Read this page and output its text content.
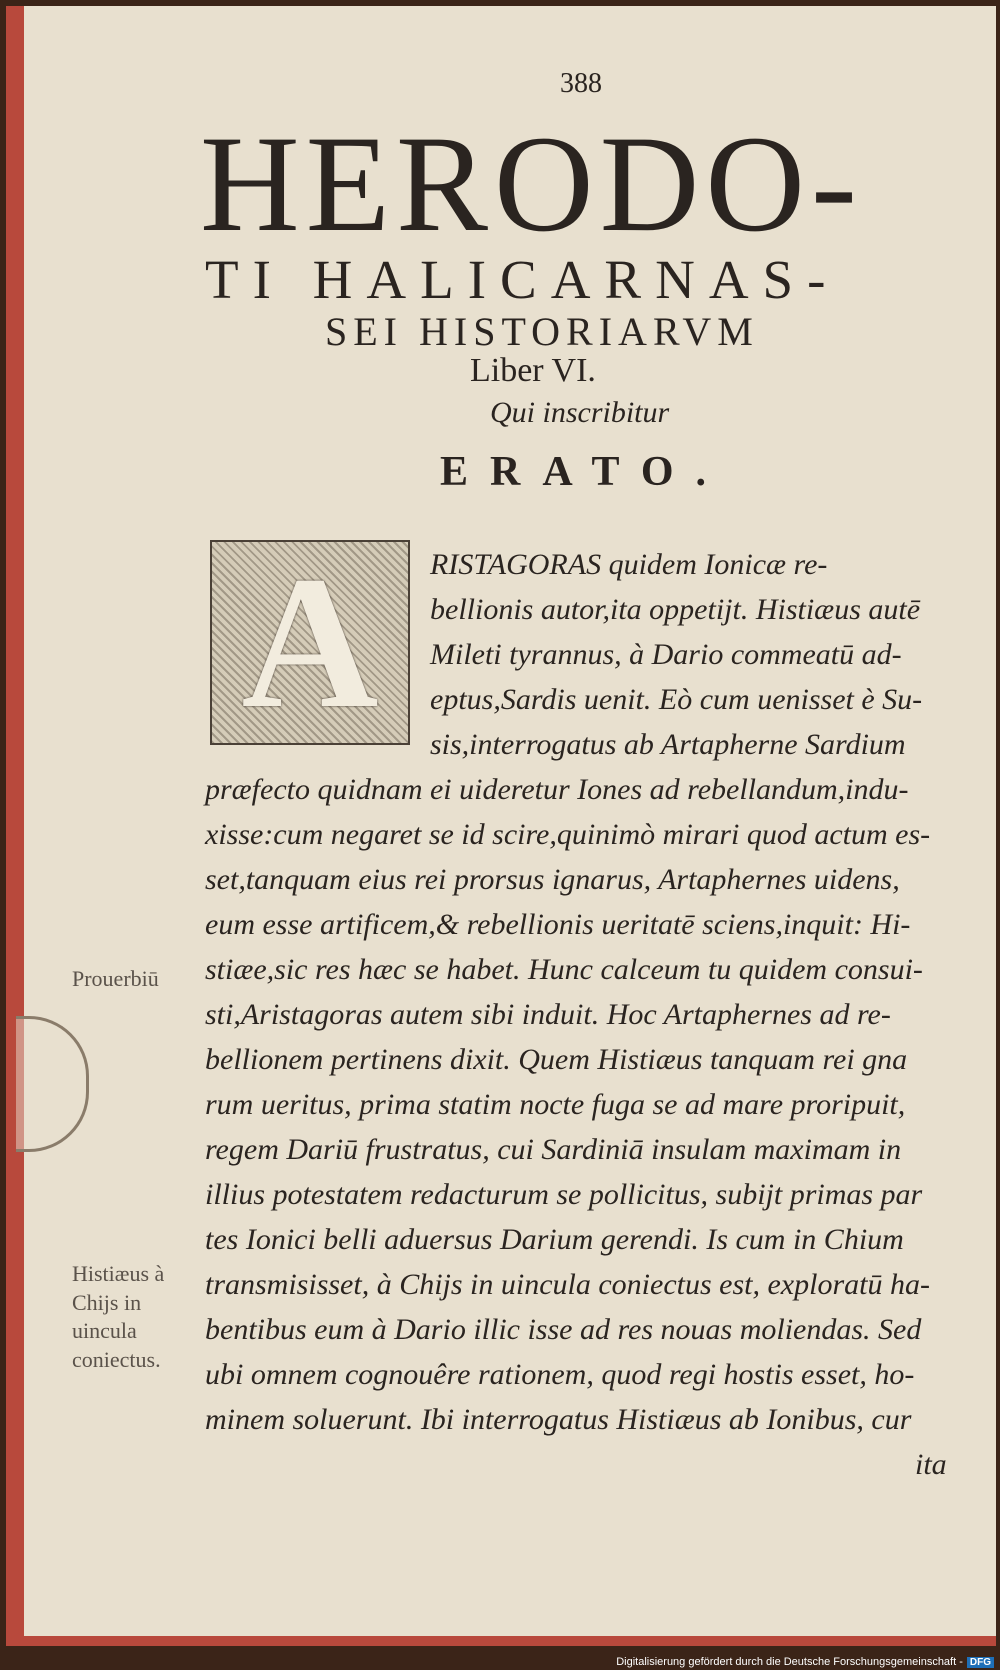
388
HERODO-
TI HALICARNAS-
SEI HISTORIARVM
Liber VI.
Qui inscribitur
ERATO.
A RISTAGORAS quidem Ionicæ re-
bellionis autor,ita oppetijt. Histiæus autē
Mileti tyrannus, à Dario commeatū ad-
eptus,Sardis uenit. Eò cum uenisset è Su-
sis,interrogatus ab Artapherne Sardium
præfecto quidnam ei uideretur Iones ad rebellandum,indu-
xisse:cum negaret se id scire,quinimò mirari quod actum es-
set,tanquam eius rei prorsus ignarus, Artaphernes uidens,
eum esse artificem,& rebellionis ueritatē sciens,inquit: Hi-
stiæe,sic res hæc se habet. Hunc calceum tu quidem consui-
sti,Aristagoras autem sibi induit. Hoc Artaphernes ad re-
bellionem pertinens dixit. Quem Histiæus tanquam rei gna
rum ueritus, prima statim nocte fuga se ad mare proripuit,
regem Dariū frustratus, cui Sardiniā insulam maximam in
illius potestatem redacturum se pollicitus, subijt primas par
tes Ionici belli aduersus Darium gerendi. Is cum in Chium
transmisisset, à Chijs in uincula coniectus est, exploratū ha-
bentibus eum à Dario illic isse ad res nouas moliendas. Sed
ubi omnem cognouêre rationem, quod regi hostis esset, ho-
minem soluerunt. Ibi interrogatus Histiæus ab Ionibus, cur
ita
Prouerbiū
Histiæus à
Chijs in
uincula
coniectus.
Digitalisierung gefördert durch die Deutsche Forschungsgemeinschaft - DFG
